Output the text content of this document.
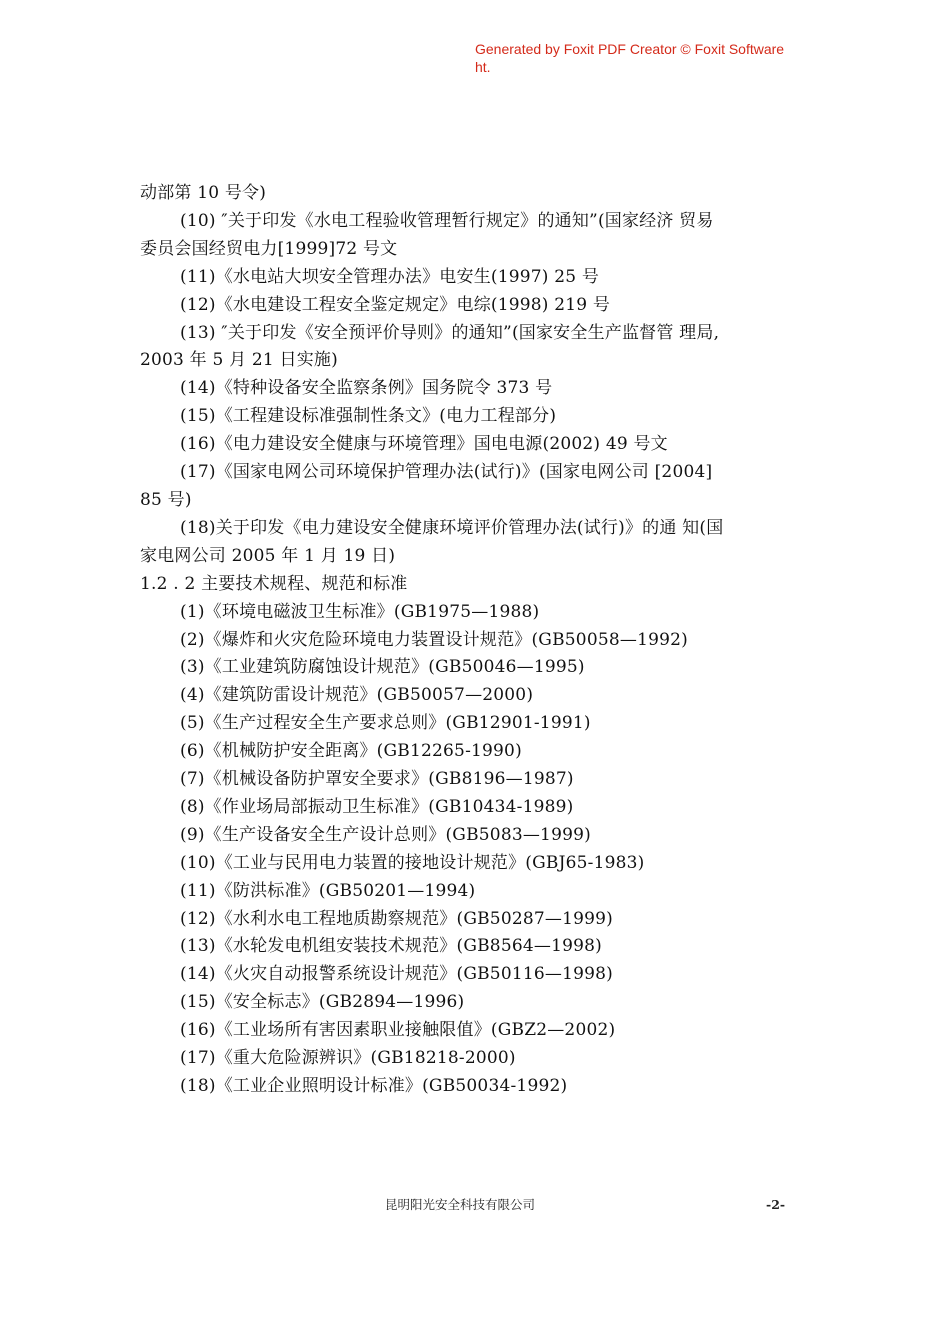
Generated by Foxit PDF Creator © Foxit Software
ht.
动部第 10 号令)
(10) ″关于印发《水电工程验收管理暂行规定》的通知”(国家经济 贸易
委员会国经贸电力[1999]72 号文
(11)《水电站大坝安全管理办法》电安生(1997) 25 号
(12)《水电建设工程安全鉴定规定》电综(1998) 219 号
(13) ″关于印发《安全预评价导则》的通知”(国家安全生产监督管 理局,
2003 年 5 月 21 日实施)
(14)《特种设备安全监察条例》国务院令 373 号
(15)《工程建设标准强制性条文》(电力工程部分)
(16)《电力建设安全健康与环境管理》国电电源(2002) 49 号文
(17)《国家电网公司环境保护管理办法(试行)》(国家电网公司 [2004]
85 号)
(18)关于印发《电力建设安全健康环境评价管理办法(试行)》的通 知(国
家电网公司 2005 年 1 月 19 日)
1.2 . 2 主要技术规程、规范和标准
(1)《环境电磁波卫生标准》(GB1975—1988)
(2)《爆炸和火灾危险环境电力装置设计规范》(GB50058—1992)
(3)《工业建筑防腐蚀设计规范》(GB50046—1995)
(4)《建筑防雷设计规范》(GB50057—2000)
(5)《生产过程安全生产要求总则》(GB12901-1991)
(6)《机械防护安全距离》(GB12265-1990)
(7)《机械设备防护罩安全要求》(GB8196—1987)
(8)《作业场局部振动卫生标准》(GB10434-1989)
(9)《生产设备安全生产设计总则》(GB5083—1999)
(10)《工业与民用电力装置的接地设计规范》(GBJ65-1983)
(11)《防洪标准》(GB50201—1994)
(12)《水利水电工程地质勘察规范》(GB50287—1999)
(13)《水轮发电机组安装技术规范》(GB8564—1998)
(14)《火灾自动报警系统设计规范》(GB50116—1998)
(15)《安全标志》(GB2894—1996)
(16)《工业场所有害因素职业接触限值》(GBZ2—2002)
(17)《重大危险源辨识》(GB18218-2000)
(18)《工业企业照明设计标准》(GB50034-1992)
昆明阳光安全科技有限公司	-2-
